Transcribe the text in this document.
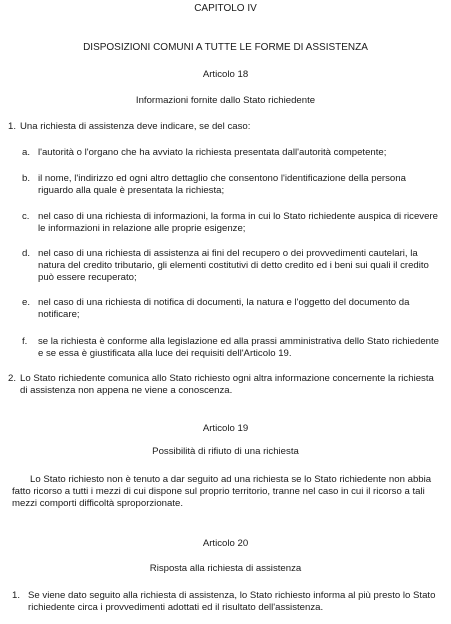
CAPITOLO IV
DISPOSIZIONI COMUNI A TUTTE LE FORME DI ASSISTENZA
Articolo 18
Informazioni fornite dallo Stato richiedente
1. Una richiesta di assistenza deve indicare, se del caso:
a. l'autorità o l'organo che ha avviato la richiesta presentata dall'autorità competente;
b. il nome, l'indirizzo ed ogni altro dettaglio che consentono l'identificazione della persona
riguardo alla quale è presentata la richiesta;
c. nel caso di una richiesta di informazioni, la forma in cui lo Stato richiedente auspica di ricevere
le informazioni in relazione alle proprie esigenze;
d. nel caso di una richiesta di assistenza ai fini del recupero o dei provvedimenti cautelari, la
natura del credito tributario, gli elementi costitutivi di detto credito ed i beni sui quali il credito
può essere recuperato;
e. nel caso di una richiesta di notifica di documenti, la natura e l'oggetto del documento da
notificare;
f. se la richiesta è conforme alla legislazione ed alla prassi amministrativa dello Stato richiedente
e se essa è giustificata alla luce dei requisiti dell'Articolo 19.
2. Lo Stato richiedente comunica allo Stato richiesto ogni altra informazione concernente la richiesta
di assistenza non appena ne viene a conoscenza.
Articolo 19
Possibilità di rifiuto di una richiesta
Lo Stato richiesto non è tenuto a dar seguito ad una richiesta se lo Stato richiedente non abbia
fatto ricorso a tutti i mezzi di cui dispone sul proprio territorio, tranne nel caso in cui il ricorso a tali
mezzi comporti difficoltà sproporzionate.
Articolo 20
Risposta alla richiesta di assistenza
1. Se viene dato seguito alla richiesta di assistenza, lo Stato richiesto informa al più presto lo Stato
richiedente circa i provvedimenti adottati ed il risultato dell'assistenza.
